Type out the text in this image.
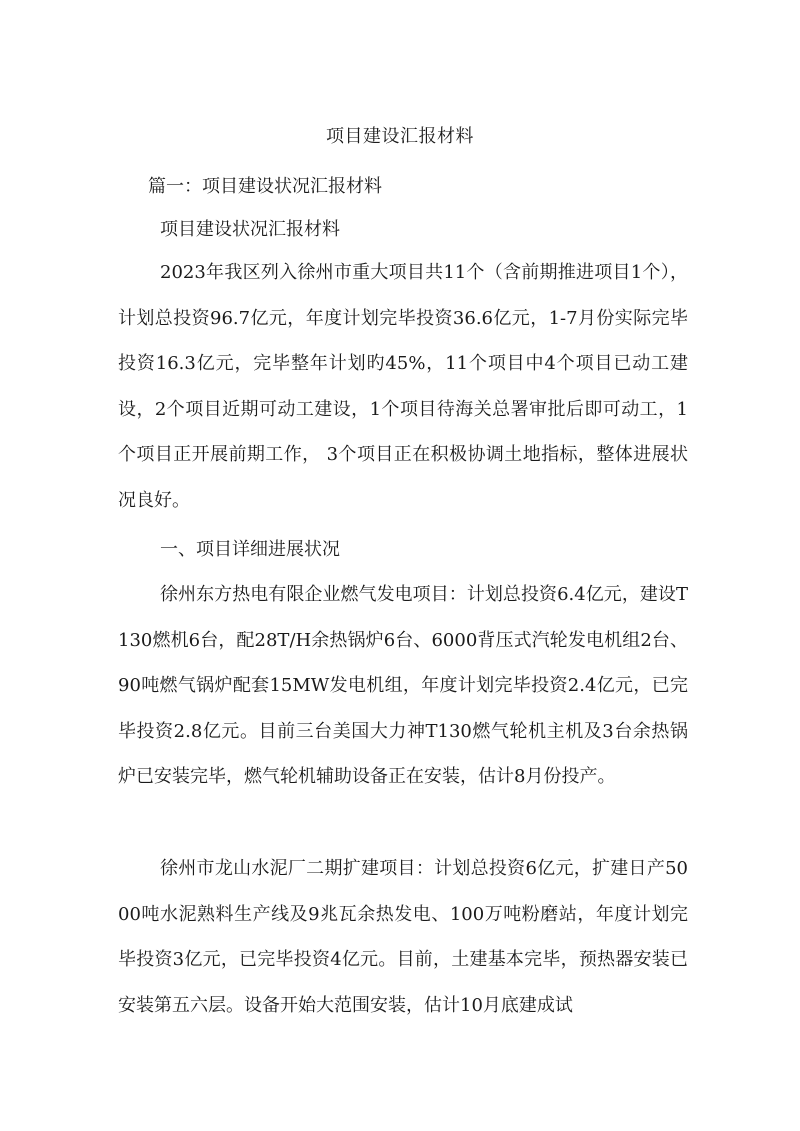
项目建设汇报材料
篇一：项目建设状况汇报材料
项目建设状况汇报材料
2023年我区列入徐州市重大项目共11个（含前期推进项目1个），计划总投资96.7亿元，年度计划完毕投资36.6亿元，1-7月份实际完毕投资16.3亿元，完毕整年计划旳45%，11个项目中4个项目已动工建设，2个项目近期可动工建设，1个项目待海关总署审批后即可动工，1个项目正开展前期工作， 3个项目正在积极协调土地指标，整体进展状况良好。
一、项目详细进展状况
徐州东方热电有限企业燃气发电项目：计划总投资6.4亿元，建设T130燃机6台，配28T/H余热锅炉6台、6000背压式汽轮发电机组2台、90吨燃气锅炉配套15MW发电机组，年度计划完毕投资2.4亿元，已完毕投资2.8亿元。目前三台美国大力神T130燃气轮机主机及3台余热锅炉已安装完毕，燃气轮机辅助设备正在安装，估计8月份投产。
徐州市龙山水泥厂二期扩建项目：计划总投资6亿元，扩建日产5000吨水泥熟料生产线及9兆瓦余热发电、100万吨粉磨站，年度计划完毕投资3亿元，已完毕投资4亿元。目前，土建基本完毕，预热器安装已安装第五六层。设备开始大范围安装，估计10月底建成试
